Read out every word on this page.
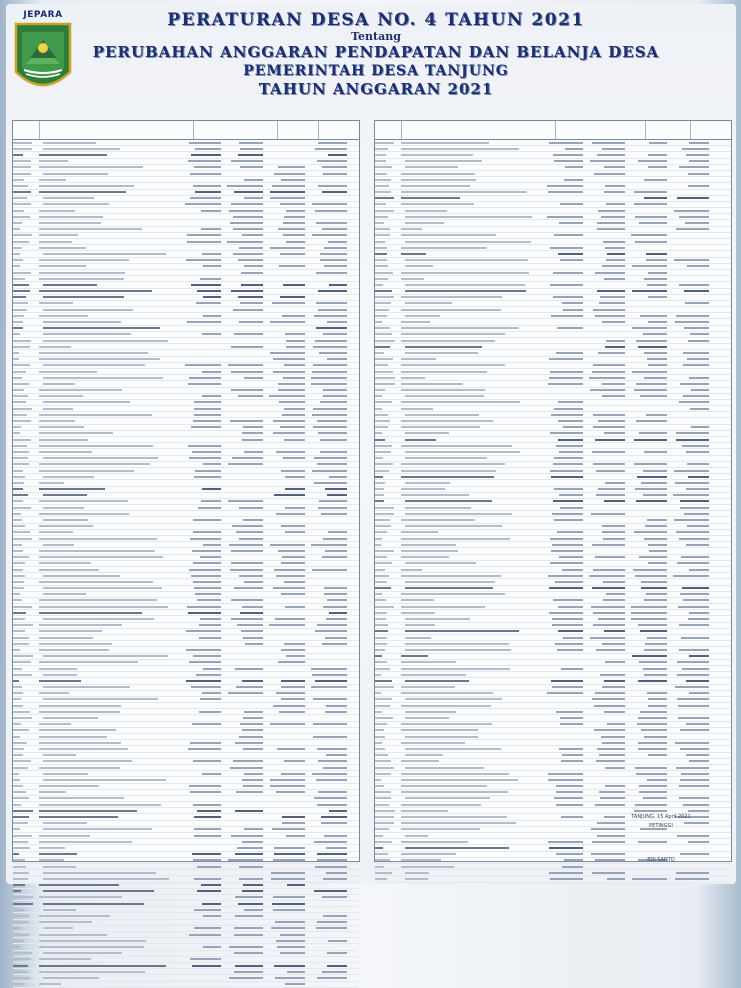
JEPARA	PERATURAN DESA NO. 4 TAHUN 2021
Tentang
PERUBAHAN ANGGARAN PENDAPATAN DAN BELANJA DESA
PEMERINTAH DESA TANJUNG
TAHUN ANGGARAN 2021
TANJUNG, 15 April 2021
PETINGGI
EDI SANTO
